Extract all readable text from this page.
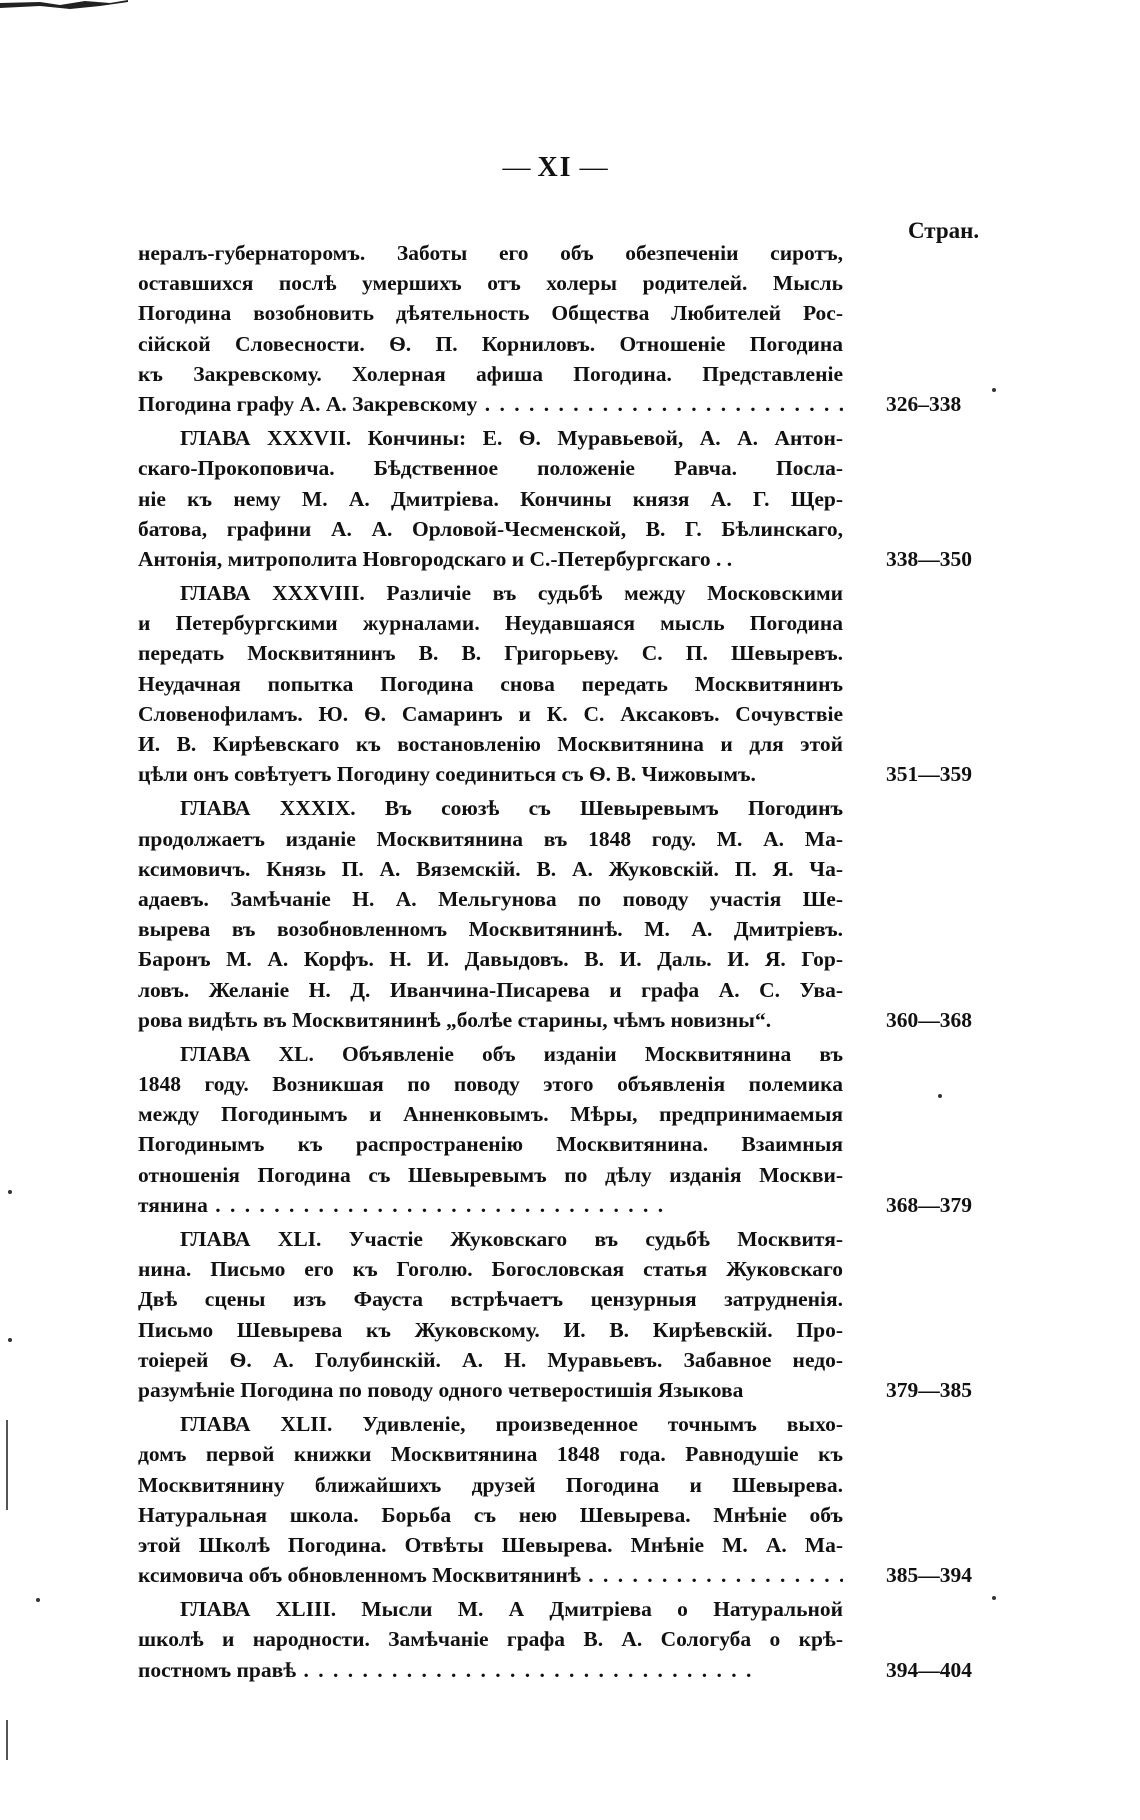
— XI —
Стран.
нералъ-губернаторомъ. Заботы его объ обезпеченіи сиротъ,
оставшихся послѣ умершихъ отъ холеры родителей. Мысль
Погодина возобновить дѣятельность Общества Любителей Рос-
сійской Словесности. Ѳ. П. Корниловъ. Отношеніе Погодина
къ Закревскому. Холерная афиша Погодина. Представленіе
Погодина графу А. А. Закревскому . . .	326–338
ГЛАВА XXXVII. Кончины: Е. Ѳ. Муравьевой, А. А. Антон-
скаго-Прокоповича. Бѣдственное положеніе Равча. Посла-
ніе къ нему М. А. Дмитріева. Кончины князя А. Г. Щер-
батова, графини А. А. Орловой-Чесменской, В. Г. Бѣлинскаго,
Антонія, митрополита Новгородскаго и С.-Петербургскаго . .	338—350
ГЛАВА XXXVIII. Различіе въ судьбѣ между Московскими
и Петербургскими журналами. Неудавшаяся мысль Погодина
передать Москвитянинъ В. В. Григорьеву. С. П. Шевыревъ.
Неудачная попытка Погодина снова передать Москвитянинъ
Словенофиламъ. Ю. Ѳ. Самаринъ и К. С. Аксаковъ. Сочувствіе
И. В. Кирѣевскаго къ востановленію Москвитянина и для этой
цѣли онъ совѣтуетъ Погодину соединиться съ Ѳ. В. Чижовымъ.	351—359
ГЛАВА XXXIX. Въ союзѣ съ Шевыревымъ Погодинъ
продолжаетъ изданіе Москвитянина въ 1848 году. М. А. Ма-
ксимовичъ. Князь П. А. Вяземскій. В. А. Жуковскій. П. Я. Ча-
адаевъ. Замѣчаніе Н. А. Мельгунова по поводу участія Ше-
вырева въ возобновленномъ Москвитянинѣ. М. А. Дмитріевъ.
Баронъ М. А. Корфъ. Н. И. Давыдовъ. В. И. Даль. И. Я. Гор-
ловъ. Желаніе Н. Д. Иванчина-Писарева и графа А. С. Ува-
рова видѣть въ Москвитянинѣ „болѣе старины, чѣмъ новизны“.	360—368
ГЛАВА XL. Объявленіе объ изданіи Москвитянина въ
1848 году. Возникшая по поводу этого объявленія полемика
между Погодинымъ и Анненковымъ. Мѣры, предпринимаемыя
Погодинымъ къ распространенію Москвитянина. Взаимныя
отношенія Погодина съ Шевыревымъ по дѣлу изданія Москви-
тянина . . .	368—379
ГЛАВА XLI. Участіе Жуковскаго въ судьбѣ Москвитя-
нина. Письмо его къ Гоголю. Богословская статья Жуковскаго
Двѣ сцены изъ Фауста встрѣчаетъ цензурныя затрудненія.
Письмо Шевырева къ Жуковскому. И. В. Кирѣевскій. Про-
тоіерей Ѳ. А. Голубинскій. А. Н. Муравьевъ. Забавное недо-
разумѣніе Погодина по поводу одного четверостишія Языкова	379—385
ГЛАВА XLII. Удивленіе, произведенное точнымъ выхо-
домъ первой книжки Москвитянина 1848 года. Равнодушіе къ
Москвитянину ближайшихъ друзей Погодина и Шевырева.
Натуральная школа. Борьба съ нею Шевырева. Мнѣніе объ
этой Школѣ Погодина. Отвѣты Шевырева. Мнѣніе М. А. Ма-
ксимовича объ обновленномъ Москвитянинѣ . . .	385—394
ГЛАВА XLIII. Мысли М. А Дмитріева о Натуральной
школѣ и народности. Замѣчаніе графа В. А. Сологуба о крѣ-
постномъ правѣ . . .	394—404
